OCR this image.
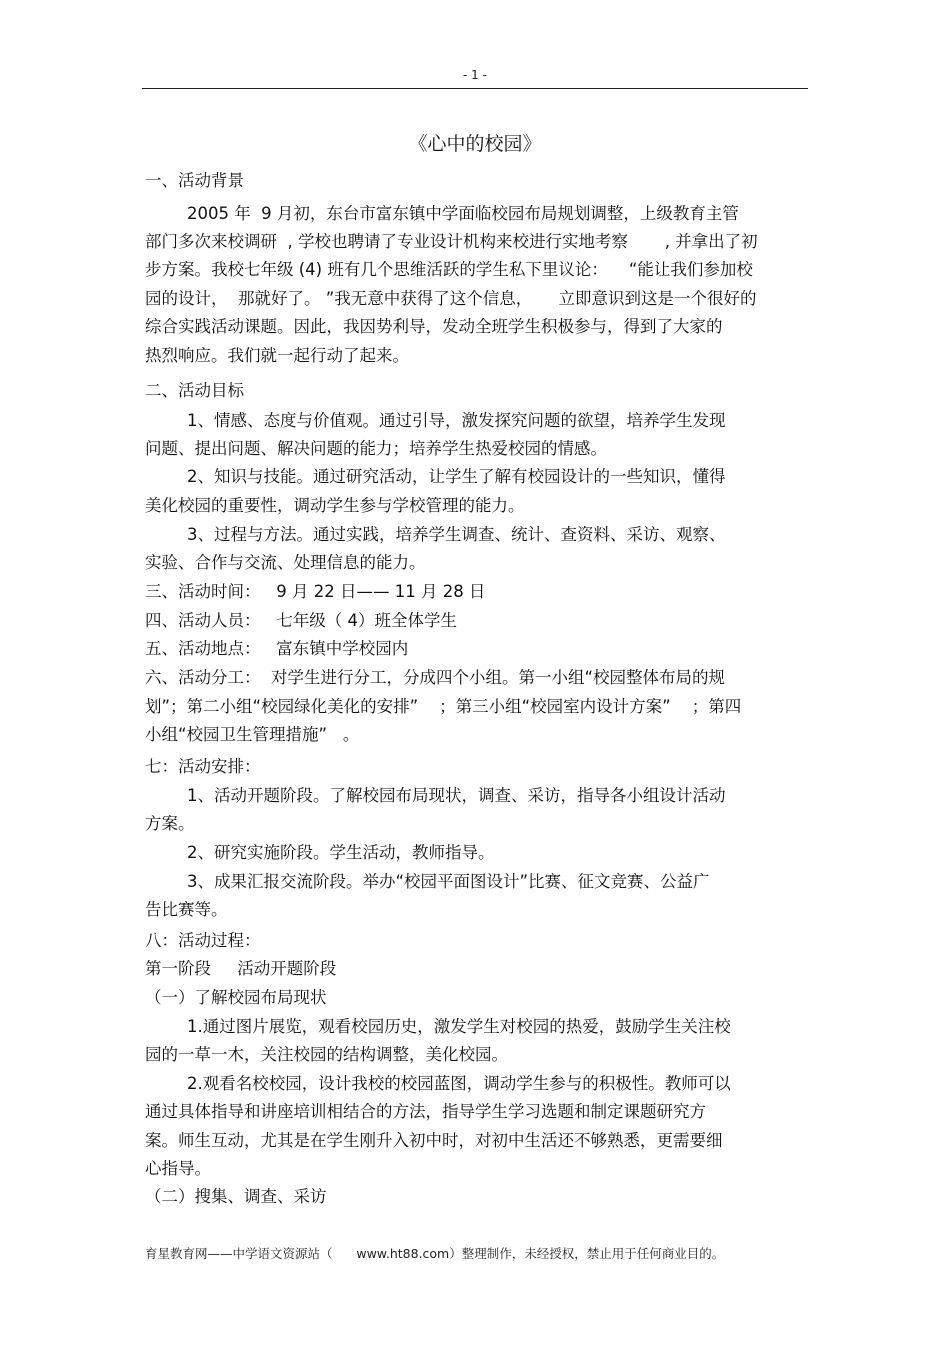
- 1 -
《心中的校园》
一、活动背景
2005 年  9 月初，东台市富东镇中学面临校园布局规划调整，上级教育主管
部门多次来校调研  , 学校也聘请了专业设计机构来校进行实地考察       , 并拿出了初
步方案。我校七年级 (4) 班有几个思维活跃的学生私下里议论：    “能让我们参加校
园的设计，  那就好了。 ”我无意中获得了这个信息，     立即意识到这是一个很好的
综合实践活动课题。因此，我因势利导，发动全班学生积极参与，得到了大家的
热烈响应。我们就一起行动了起来。
二、活动目标
1、情感、态度与价值观。通过引导，激发探究问题的欲望，培养学生发现
问题、提出问题、解决问题的能力；培养学生热爱校园的情感。
2、知识与技能。通过研究活动，让学生了解有校园设计的一些知识，懂得
美化校园的重要性，调动学生参与学校管理的能力。
3、过程与方法。通过实践，培养学生调查、统计、查资料、采访、观察、
实验、合作与交流、处理信息的能力。
三、活动时间：   9 月 22 日—— 11 月 28 日
四、活动人员：   七年级（ 4）班全体学生
五、活动地点：   富东镇中学校园内
六、活动分工：  对学生进行分工，分成四个小组。第一小组“校园整体布局的规
划”；第二小组“校园绿化美化的安排”    ；第三小组“校园室内设计方案”    ；第四
小组“校园卫生管理措施”   。
七：活动安排：
1、活动开题阶段。了解校园布局现状，调查、采访，指导各小组设计活动
方案。
2、研究实施阶段。学生活动，教师指导。
3、成果汇报交流阶段。举办“校园平面图设计”比赛、征文竞赛、公益广
告比赛等。
八：活动过程：
第一阶段     活动开题阶段
（一）了解校园布局现状
1.通过图片展览，观看校园历史，激发学生对校园的热爱，鼓励学生关注校
园的一草一木，关注校园的结构调整，美化校园。
2.观看名校校园，设计我校的校园蓝图，调动学生参与的积极性。教师可以
通过具体指导和讲座培训相结合的方法，指导学生学习选题和制定课题研究方
案。师生互动，尤其是在学生刚升入初中时，对初中生活还不够熟悉，更需要细
心指导。
（二）搜集、调查、采访
育星教育网——中学语文资源站（      www.ht88.com）整理制作，未经授权，禁止用于任何商业目的。
